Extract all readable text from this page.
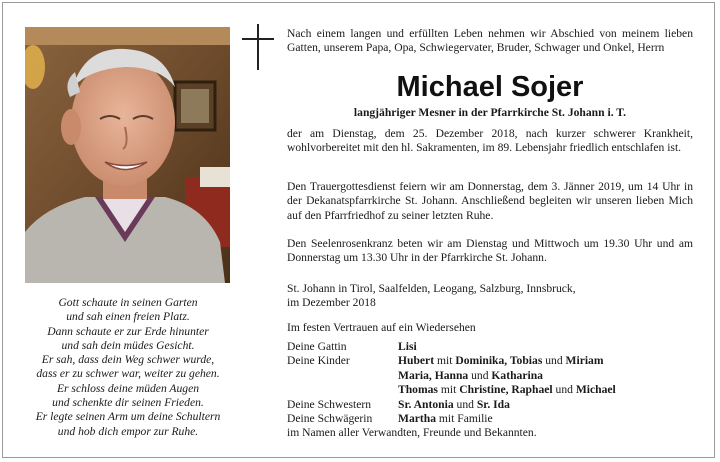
Gott schaute in seinen Garten
und sah einen freien Platz.
Dann schaute er zur Erde hinunter
und sah dein müdes Gesicht.
Er sah, dass dein Weg schwer wurde,
dass er zu schwer war, weiter zu gehen.
Er schloss deine müden Augen
und schenkte dir seinen Frieden.
Er legte seinen Arm um deine Schultern
und hob dich empor zur Ruhe.
Nach einem langen und erfüllten Leben nehmen wir Abschied von meinem lieben Gatten, unserem Papa, Opa, Schwiegervater, Bruder, Schwager und Onkel, Herrn
Michael Sojer
langjähriger Mesner in der Pfarrkirche St. Johann i. T.
der am Dienstag, dem 25. Dezember 2018, nach kurzer schwerer Krankheit, wohlvorbereitet mit den hl. Sakramenten, im 89. Lebensjahr friedlich entschlafen ist.
Den Trauergottesdienst feiern wir am Donnerstag, dem 3. Jänner 2019, um 14 Uhr in der Dekanatspfarrkirche St. Johann. Anschließend begleiten wir unseren lieben Mich auf den Pfarrfriedhof zu seiner letzten Ruhe.
Den Seelenrosenkranz beten wir am Dienstag und Mittwoch um 19.30 Uhr und am Donnerstag um 13.30 Uhr in der Pfarrkirche St. Johann.
St. Johann in Tirol, Saalfelden, Leogang, Salzburg, Innsbruck,
im Dezember 2018
Im festen Vertrauen auf ein Wiedersehen
Deine Gattin	Lisi
Deine Kinder	Hubert mit Dominika, Tobias und Miriam
Maria, Hanna und Katharina
Thomas mit Christine, Raphael und Michael
Deine Schwestern Sr. Antonia und Sr. Ida
Deine Schwägerin Martha mit Familie
im Namen aller Verwandten, Freunde und Bekannten.
